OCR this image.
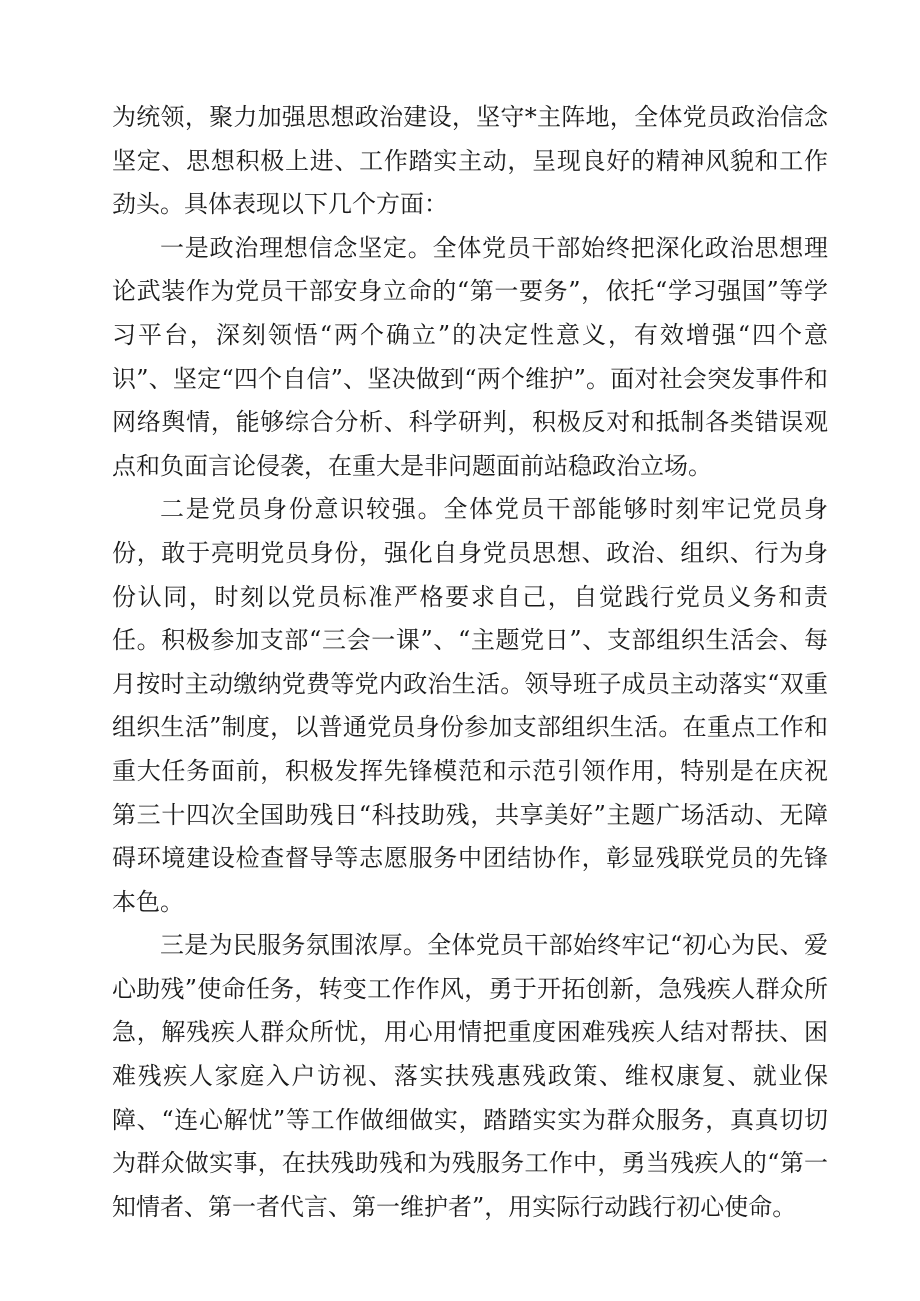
为统领，聚力加强思想政治建设，坚守*主阵地，全体党员政治信念坚定、思想积极上进、工作踏实主动，呈现良好的精神风貌和工作劲头。具体表现以下几个方面：

一是政治理想信念坚定。全体党员干部始终把深化政治思想理论武装作为党员干部安身立命的“第一要务”，依托“学习强国”等学习平台，深刻领悟“两个确立”的决定性意义，有效增强“四个意识”、坚定“四个自信”、坚决做到“两个维护”。面对社会突发事件和网络舆情，能够综合分析、科学研判，积极反对和抵制各类错误观点和负面言论侵袭，在重大是非问题面前站稳政治立场。

二是党员身份意识较强。全体党员干部能够时刻牢记党员身份，敢于亮明党员身份，强化自身党员思想、政治、组织、行为身份认同，时刻以党员标准严格要求自己，自觉践行党员义务和责任。积极参加支部“三会一课”、“主题党日”、支部组织生活会、每月按时主动缴纳党费等党内政治生活。领导班子成员主动落实“双重组织生活”制度，以普通党员身份参加支部组织生活。在重点工作和重大任务面前，积极发挥先锋模范和示范引领作用，特别是在庆祝第三十四次全国助残日“科技助残，共享美好”主题广场活动、无障碍环境建设检查督导等志愿服务中团结协作，彰显残联党员的先锋本色。

三是为民服务氛围浓厚。全体党员干部始终牢记“初心为民、爱心助残”使命任务，转变工作作风，勇于开拓创新，急残疾人群众所急，解残疾人群众所忧，用心用情把重度困难残疾人结对帮扶、困难残疾人家庭入户访视、落实扶残惠残政策、维权康复、就业保障、“连心解忧”等工作做细做实，踏踏实实为群众服务，真真切切为群众做实事，在扶残助残和为残服务工作中，勇当残疾人的“第一知情者、第一者代言、第一维护者”，用实际行动践行初心使命。
